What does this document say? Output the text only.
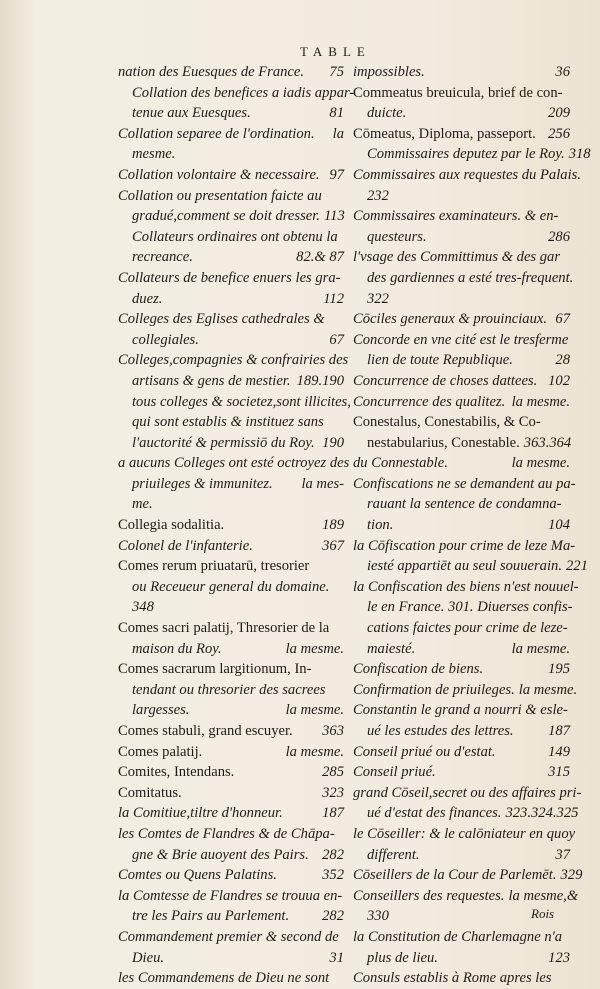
TABLE
nation des Euesques de France. 75
Collation des benefices a iadis appar-
tenue aux Euesques.	81
Collation separee de l'ordination. la
mesme.
Collation volontaire & necessaire. 97
Collation ou presentation faicte au
gradué,comment se doit dresser. 113
Collateurs ordinaires ont obtenu la
recreance.	82.& 87
Collateurs de benefice enuers les gra-
duez.	112
Colleges des Eglises cathedrales &
collegiales.	67
Colleges,compagnies & confrairies des
artisans & gens de mestier. 189.190
tous colleges & societez,sont illicites,
qui sont establis & instituez sans
l'auctorité & permissiō du Roy. 190
a aucuns Colleges ont esté octroyez des
priuileges & immunitez. la mes-
me.
Collegia sodalitia.	189
Colonel de l'infanterie.	367
Comes rerum priuatarū, tresorier
ou Receueur general du domaine.
348
Comes sacri palatij, Thresorier de la
maison du Roy.	la mesme.
Comes sacrarum largitionum, In-
tendant ou thresorier des sacrees
largesses.	la mesme.
Comes stabuli, grand escuyer. 363
Comes palatij.	la mesme.
Comites, Intendans.	285
Comitatus.	323
la Comitiue,tiltre d'honneur.	187
les Comtes de Flandres & de Chāpa-
gne & Brie auoyent des Pairs. 282
Comtes ou Quens Palatins.	352
la Comtesse de Flandres se trouua en-
tre les Pairs au Parlement. 282
Commandement premier & second de
Dieu.	31
les Commandemens de Dieu ne sont
impossibles.	36
Commeatus breuicula, brief de con-
duicte.	209
Cōmeatus, Diploma, passeport. 256
Commissaires deputez par le Roy. 318
Commissaires aux requestes du Palais.
232
Commissaires examinateurs. & en-
questeurs.	286
l'vsage des Committimus & des gar
des gardiennes a esté tres-frequent.
322
Cōciles generaux & prouinciaux. 67
Concorde en vne cité est le tresferme
lien de toute Republique.	28
Concurrence de choses dattees. 102
Concurrence des qualitez. la mesme.
Conestalus, Conestabilis, & Co-
nestabularius, Conestable. 363.364
du Connestable.	la mesme.
Confiscations ne se demandent au pa-
rauant la sentence de condamna-
tion.	104
la Cōfiscation pour crime de leze Ma-
iesté appartiēt au seul souuerain. 221
la Confiscation des biens n'est nouuel-
le en France. 301. Diuerses confis-
cations faictes pour crime de leze-
maiesté.	la mesme.
Confiscation de biens.	195
Confirmation de priuileges. la mesme.
Constantin le grand a nourri & esle-
ué les estudes des lettres. 187
Conseil priué ou d'estat.	149
Conseil priué.	315
grand Cōseil,secret ou des affaires pri-
ué d'estat des finances. 323.324.325
le Cōseiller: & le calōniateur en quoy
different.	37
Cōseillers de la Cour de Parlemēt. 329
Conseillers des requestes. la mesme,&
330
la Constitution de Charlemagne n'a
plus de lieu.	123
Consuls establis à Rome apres les
Rois
